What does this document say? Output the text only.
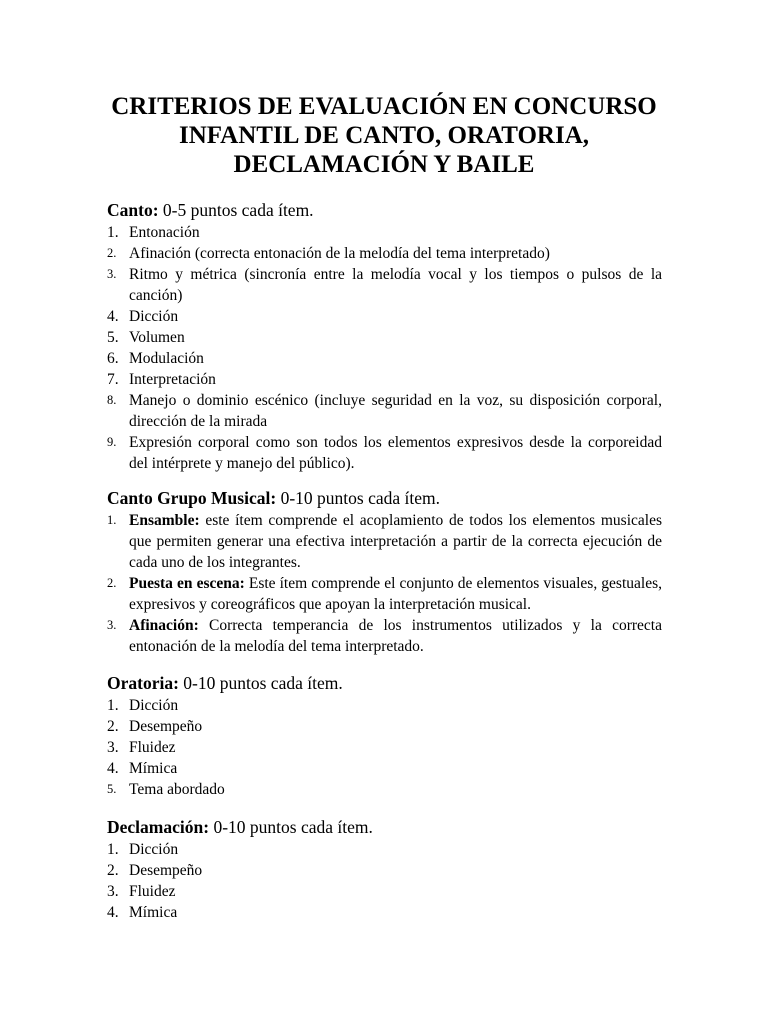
CRITERIOS DE EVALUACIÓN EN CONCURSO
INFANTIL DE CANTO, ORATORIA,
DECLAMACIÓN Y BAILE
Canto: 0-5 puntos cada ítem.
1. Entonación
2. Afinación (correcta entonación de la melodía del tema interpretado)
3. Ritmo y métrica (sincronía entre la melodía vocal y los tiempos o pulsos de la canción)
4. Dicción
5. Volumen
6. Modulación
7. Interpretación
8. Manejo o dominio escénico (incluye seguridad en la voz, su disposición corporal, dirección de la mirada
9. Expresión corporal como son todos los elementos expresivos desde la corporeidad del intérprete y manejo del público).
Canto Grupo Musical: 0-10 puntos cada ítem.
1. Ensamble: este ítem comprende el acoplamiento de todos los elementos musicales que permiten generar una efectiva interpretación a partir de la correcta ejecución de cada uno de los integrantes.
2. Puesta en escena: Este ítem comprende el conjunto de elementos visuales, gestuales, expresivos y coreográficos que apoyan la interpretación musical.
3. Afinación: Correcta temperancia de los instrumentos utilizados y la correcta entonación de la melodía del tema interpretado.
Oratoria: 0-10 puntos cada ítem.
1. Dicción
2. Desempeño
3. Fluidez
4. Mímica
5. Tema abordado
Declamación: 0-10 puntos cada ítem.
1. Dicción
2. Desempeño
3. Fluidez
4. Mímica
